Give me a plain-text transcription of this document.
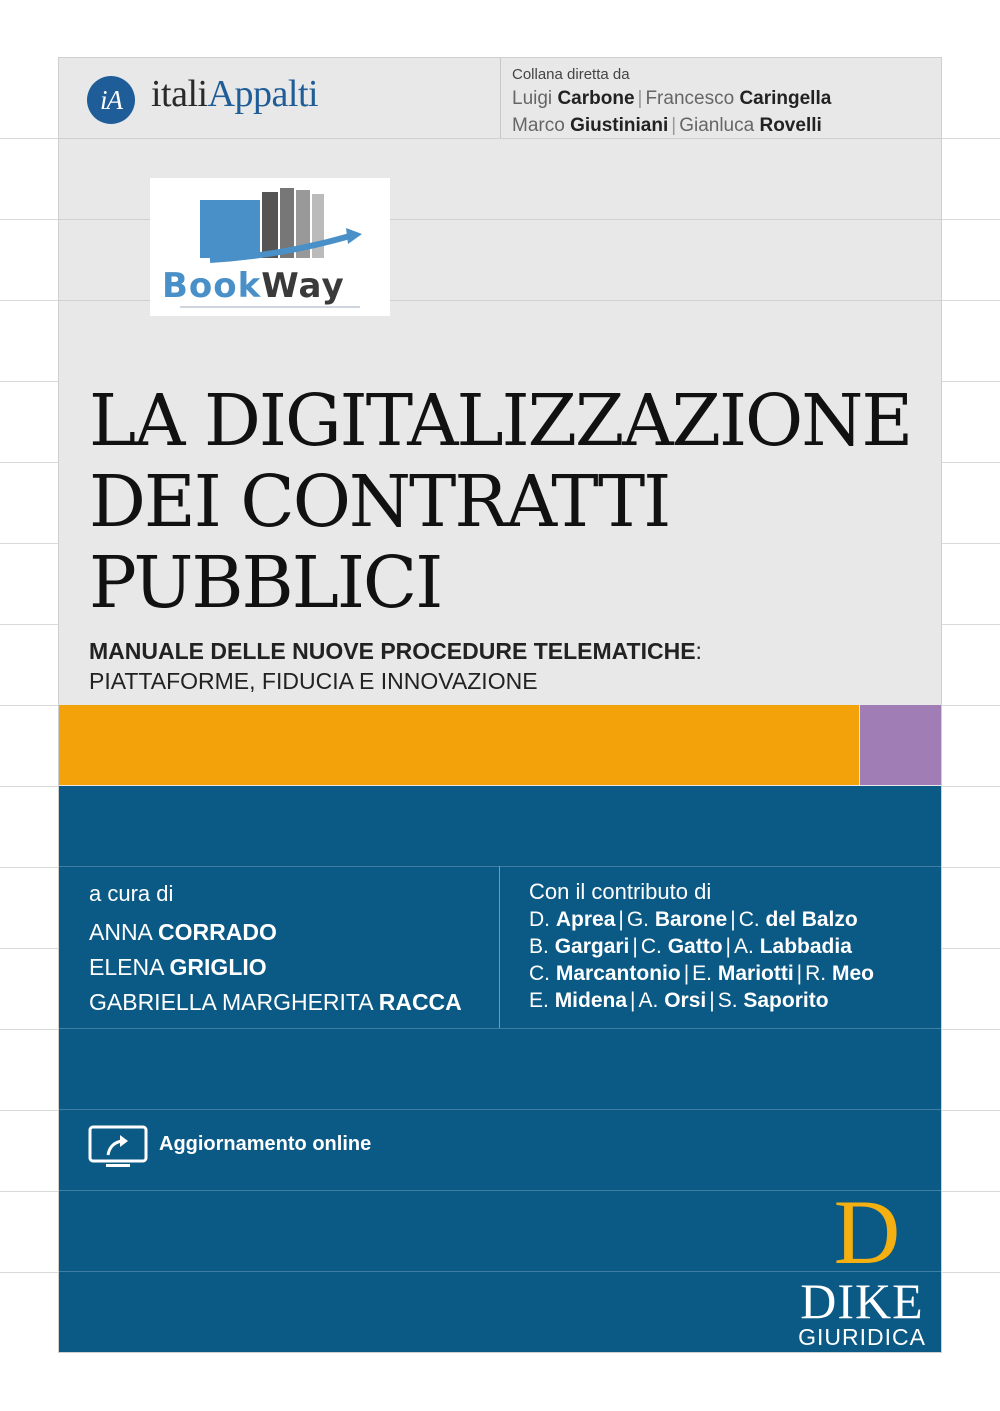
iA italiAppalti	Collana diretta da
Luigi Carbone | Francesco Caringella
Marco Giustiniani | Gianluca Rovelli
BookWay
LA DIGITALIZZAZIONE
DEI CONTRATTI
PUBBLICI
MANUALE DELLE NUOVE PROCEDURE TELEMATICHE:
PIATTAFORME, FIDUCIA E INNOVAZIONE
a cura di
ANNA CORRADO
ELENA GRIGLIO
GABRIELLA MARGHERITA RACCA
Con il contributo di
D. Aprea | G. Barone | C. del Balzo
B. Gargari | C. Gatto | A. Labbadia
C. Marcantonio | E. Mariotti | R. Meo
E. Midena | A. Orsi | S. Saporito
Aggiornamento online
D
DIKE
GIURIDICA
